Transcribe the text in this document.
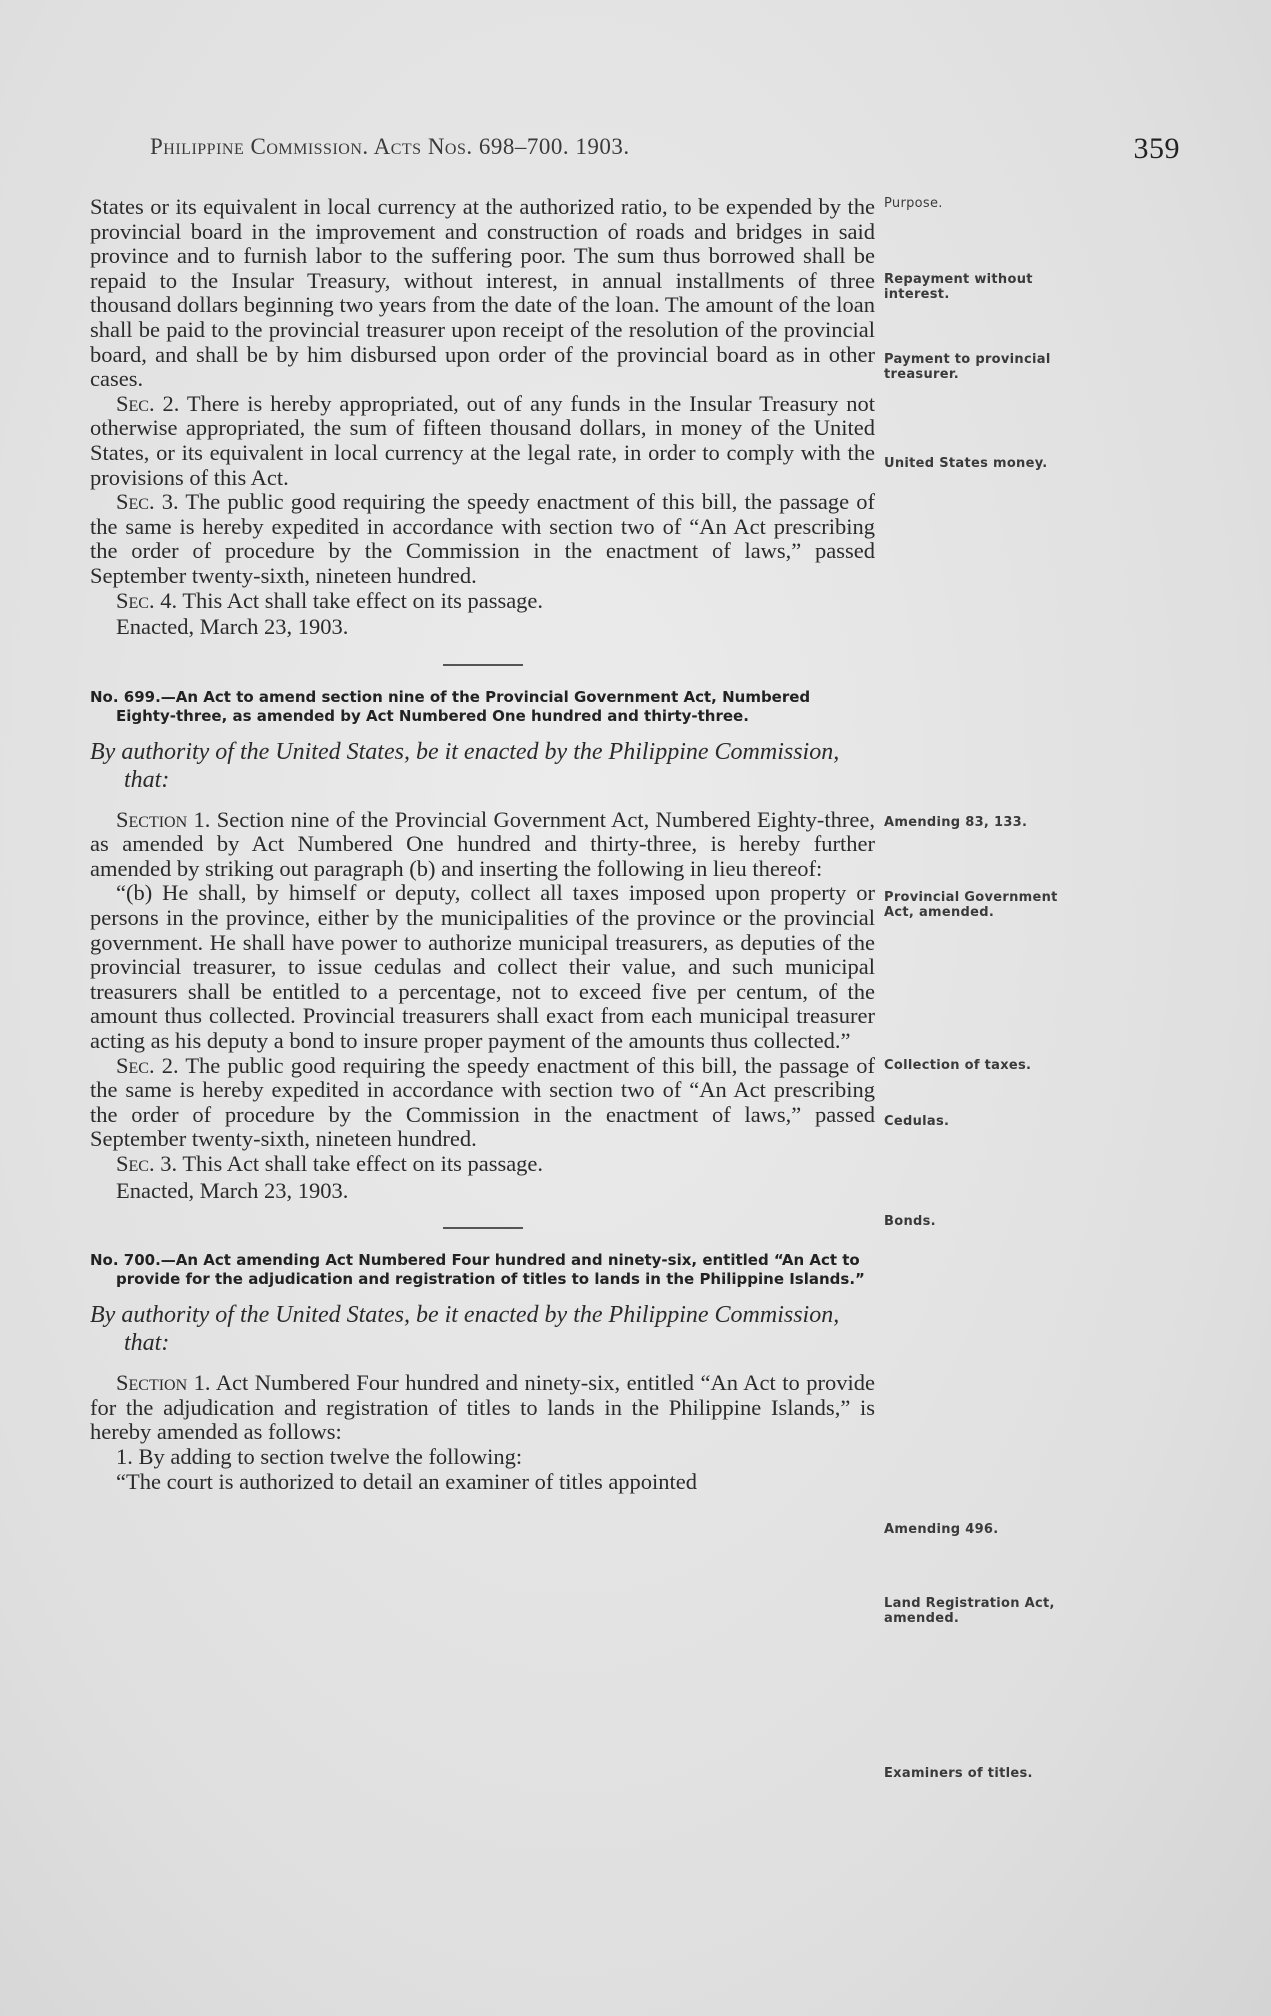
Philippine Commission. Acts Nos. 698–700. 1903.	359

States or its equivalent in local currency at the authorized ratio, to be expended by the provincial board in the improvement and construction of roads and bridges in said province and to furnish labor to the suffering poor. The sum thus borrowed shall be repaid to the Insular Treasury, without interest, in annual installments of three thousand dollars beginning two years from the date of the loan. The amount of the loan shall be paid to the provincial treasurer upon receipt of the resolution of the provincial board, and shall be by him disbursed upon order of the provincial board as in other cases.

Sec. 2. There is hereby appropriated, out of any funds in the Insular Treasury not otherwise appropriated, the sum of fifteen thousand dollars, in money of the United States, or its equivalent in local currency at the legal rate, in order to comply with the provisions of this Act.

Sec. 3. The public good requiring the speedy enactment of this bill, the passage of the same is hereby expedited in accordance with section two of “An Act prescribing the order of procedure by the Commission in the enactment of laws,” passed September twenty-sixth, nineteen hundred.

Sec. 4. This Act shall take effect on its passage.

Enacted, March 23, 1903.

No. 699.—An Act to amend section nine of the Provincial Government Act, Numbered Eighty-three, as amended by Act Numbered One hundred and thirty-three.

By authority of the United States, be it enacted by the Philippine Commission, that:

Section 1. Section nine of the Provincial Government Act, Numbered Eighty-three, as amended by Act Numbered One hundred and thirty-three, is hereby further amended by striking out paragraph (b) and inserting the following in lieu thereof:

“(b) He shall, by himself or deputy, collect all taxes imposed upon property or persons in the province, either by the municipalities of the province or the provincial government. He shall have power to authorize municipal treasurers, as deputies of the provincial treasurer, to issue cedulas and collect their value, and such municipal treasurers shall be entitled to a percentage, not to exceed five per centum, of the amount thus collected. Provincial treasurers shall exact from each municipal treasurer acting as his deputy a bond to insure proper payment of the amounts thus collected.”

Sec. 2. The public good requiring the speedy enactment of this bill, the passage of the same is hereby expedited in accordance with section two of “An Act prescribing the order of procedure by the Commission in the enactment of laws,” passed September twenty-sixth, nineteen hundred.

Sec. 3. This Act shall take effect on its passage.

Enacted, March 23, 1903.

No. 700.—An Act amending Act Numbered Four hundred and ninety-six, entitled “An Act to provide for the adjudication and registration of titles to lands in the Philippine Islands.”

By authority of the United States, be it enacted by the Philippine Commission, that:

Section 1. Act Numbered Four hundred and ninety-six, entitled “An Act to provide for the adjudication and registration of titles to lands in the Philippine Islands,” is hereby amended as follows:

1. By adding to section twelve the following:

“The court is authorized to detail an examiner of titles appointed

Purpose.
Repayment without interest.
Payment to provincial treasurer.
United States money.
Amending 83, 133.
Provincial Government Act, amended.
Collection of taxes.
Cedulas.
Bonds.
Amending 496.
Land Registration Act, amended.
Examiners of titles.
